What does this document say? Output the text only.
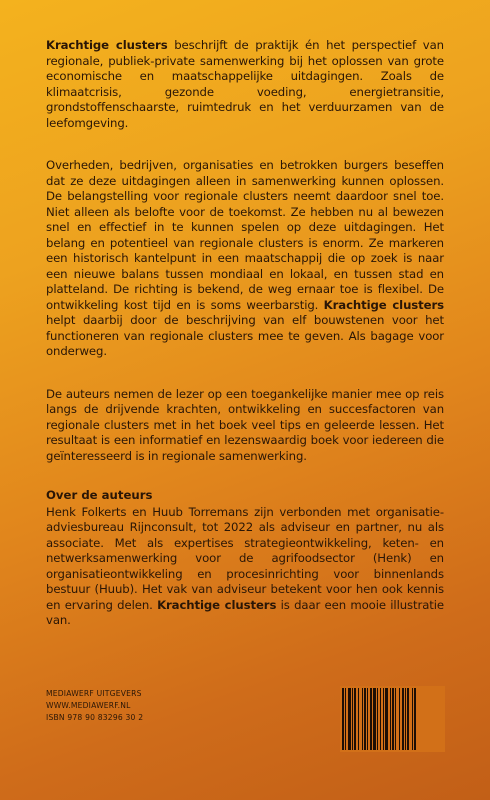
Krachtige clusters beschrijft de praktijk én het perspectief van regionale, publiek-private samenwerking bij het oplossen van grote economische en maatschappelijke uitdagingen. Zoals de klimaatcrisis, gezonde voeding, energietransitie, grondstoffenschaarste, ruimtedruk en het verduurzamen van de leefomgeving.

Overheden, bedrijven, organisaties en betrokken burgers beseffen dat ze deze uitdagingen alleen in samenwerking kunnen oplossen. De belangstelling voor regionale clusters neemt daardoor snel toe. Niet alleen als belofte voor de toekomst. Ze hebben nu al bewezen snel en effectief in te kunnen spelen op deze uitdagingen. Het belang en potentieel van regionale clusters is enorm. Ze markeren een historisch kantelpunt in een maatschappij die op zoek is naar een nieuwe balans tussen mondiaal en lokaal, en tussen stad en platteland. De richting is bekend, de weg ernaar toe is flexibel. De ontwikkeling kost tijd en is soms weerbarstig. Krachtige clusters helpt daarbij door de beschrijving van elf bouwstenen voor het functioneren van regionale clusters mee te geven. Als bagage voor onderweg.

De auteurs nemen de lezer op een toegankelijke manier mee op reis langs de drijvende krachten, ontwikkeling en succesfactoren van regionale clusters met in het boek veel tips en geleerde lessen. Het resultaat is een informatief en lezenswaardig boek voor iedereen die geïnteresseerd is in regionale samenwerking.

Over de auteurs

Henk Folkerts en Huub Torremans zijn verbonden met organisatie-adviesbureau Rijnconsult, tot 2022 als adviseur en partner, nu als associate. Met als expertises strategieontwikkeling, keten- en netwerksamenwerking voor de agrifoodsector (Henk) en organisatieontwikkeling en procesinrichting voor binnenlands bestuur (Huub). Het vak van adviseur betekent voor hen ook kennis en ervaring delen. Krachtige clusters is daar een mooie illustratie van.

MEDIAWERF UITGEVERS
WWW.MEDIAWERF.NL
ISBN 978 90 83296 30 2
